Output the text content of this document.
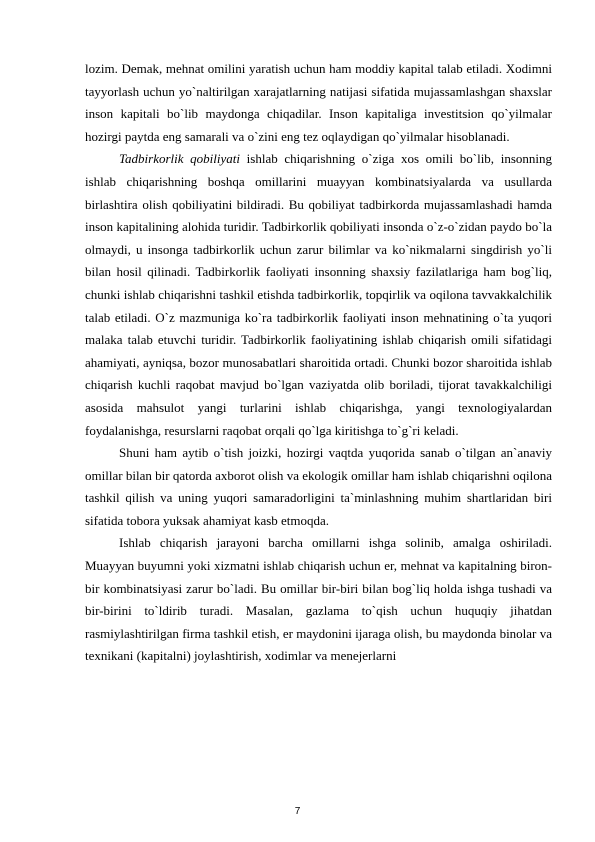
lozim. Demak, mehnat omilini yaratish uchun ham moddiy kapital talab etiladi. Xodimni tayyorlash uchun yo`naltirilgan xarajatlarning natijasi sifatida mujassamlashgan shaxslar inson kapitali bo`lib maydonga chiqadilar. Inson kapitaliga investitsion qo`yilmalar hozirgi paytda eng samarali va o`zini eng tez oqlaydigan qo`yilmalar hisoblanadi.

Tadbirkorlik qobiliyati ishlab chiqarishning o`ziga xos omili bo`lib, insonning ishlab chiqarishning boshqa omillarini muayyan kombinatsiyalarda va usullarda birlashtira olish qobiliyatini bildiradi. Bu qobiliyat tadbirkorda mujassamlashadi hamda inson kapitalining alohida turidir. Tadbirkorlik qobiliyati insonda o`z-o`zidan paydo bo`la olmaydi, u insonga tadbirkorlik uchun zarur bilimlar va ko`nikmalarni singdirish yo`li bilan hosil qilinadi. Tadbirkorlik faoliyati insonning shaxsiy fazilatlariga ham bog`liq, chunki ishlab chiqarishni tashkil etishda tadbirkorlik, topqirlik va oqilona tavvakkalchilik talab etiladi. O`z mazmuniga ko`ra tadbirkorlik faoliyati inson mehnatining o`ta yuqori malaka talab etuvchi turidir. Tadbirkorlik faoliyatining ishlab chiqarish omili sifatidagi ahamiyati, ayniqsa, bozor munosabatlari sharoitida ortadi. Chunki bozor sharoitida ishlab chiqarish kuchli raqobat mavjud bo`lgan vaziyatda olib boriladi, tijorat tavakkalchiligi asosida mahsulot yangi turlarini ishlab chiqarishga, yangi texnologiyalardan foydalanishga, resurslarni raqobat orqali qo`lga kiritishga to`g`ri keladi.

Shuni ham aytib o`tish joizki, hozirgi vaqtda yuqorida sanab o`tilgan an`anaviy omillar bilan bir qatorda axborot olish va ekologik omillar ham ishlab chiqarishni oqilona tashkil qilish va uning yuqori samaradorligini ta`minlashning muhim shartlaridan biri sifatida tobora yuksak ahamiyat kasb etmoqda.

Ishlab chiqarish jarayoni barcha omillarni ishga solinib, amalga oshiriladi. Muayyan buyumni yoki xizmatni ishlab chiqarish uchun er, mehnat va kapitalning biron-bir kombinatsiyasi zarur bo`ladi. Bu omillar bir-biri bilan bog`liq holda ishga tushadi va bir-birini to`ldirib turadi. Masalan, gazlama to`qish uchun huquqiy jihatdan rasmiylashtirilgan firma tashkil etish, er maydonini ijaraga olish, bu maydonda binolar va texnikani (kapitalni) joylashtirish, xodimlar va menejerlarni

7
